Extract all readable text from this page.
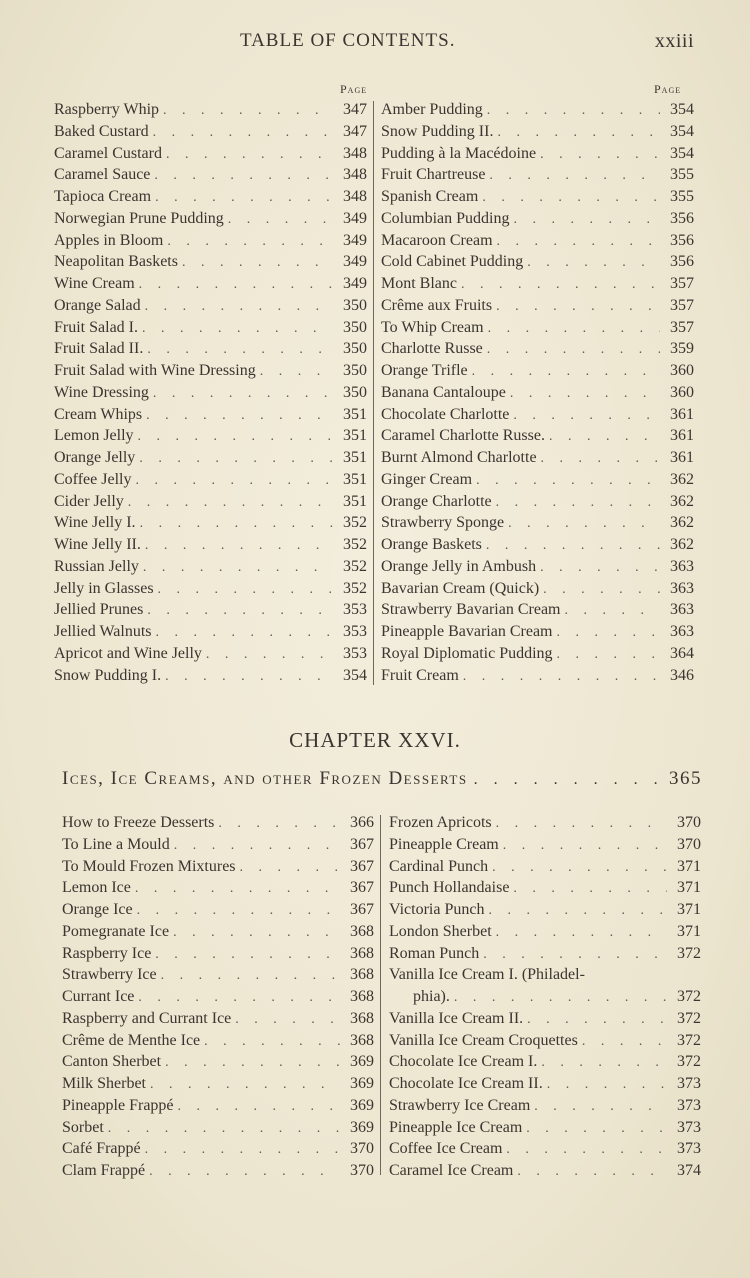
TABLE OF CONTENTS.	xxiii
Page	Page
Raspberry Whip . . .	347
Baked Custard . . .	347
Caramel Custard . . .	348
Caramel Sauce . . .	348
Tapioca Cream . . .	348
Norwegian Prune Pudding . . .	349
Apples in Bloom . . .	349
Neapolitan Baskets . . .	349
Wine Cream . . .	349
Orange Salad . . .	350
Fruit Salad I. . . .	350
Fruit Salad II. . . .	350
Fruit Salad with Wine Dressing . . .	350
Wine Dressing . . .	350
Cream Whips . . .	351
Lemon Jelly . . .	351
Orange Jelly . . .	351
Coffee Jelly . . .	351
Cider Jelly . . .	351
Wine Jelly I. . . .	352
Wine Jelly II. . . .	352
Russian Jelly . . .	352
Jelly in Glasses . . .	352
Jellied Prunes . . .	353
Jellied Walnuts . . .	353
Apricot and Wine Jelly . . .	353
Snow Pudding I. . . .	354
Amber Pudding . . .	354
Snow Pudding II. . . .	354
Pudding à la Macédoine . . .	354
Fruit Chartreuse . . .	355
Spanish Cream . . .	355
Columbian Pudding . . .	356
Macaroon Cream . . .	356
Cold Cabinet Pudding . . .	356
Mont Blanc . . .	357
Crême aux Fruits . . .	357
To Whip Cream . . .	357
Charlotte Russe . . .	359
Orange Trifle . . .	360
Banana Cantaloupe . . .	360
Chocolate Charlotte . . .	361
Caramel Charlotte Russe. . . .	361
Burnt Almond Charlotte . . .	361
Ginger Cream . . .	362
Orange Charlotte . . .	362
Strawberry Sponge . . .	362
Orange Baskets . . .	362
Orange Jelly in Ambush . . .	363
Bavarian Cream (Quick) . . .	363
Strawberry Bavarian Cream . . .	363
Pineapple Bavarian Cream . . .	363
Royal Diplomatic Pudding . . .	364
Fruit Cream . . .	346
CHAPTER XXVI.
Ices, Ice Creams, and other Frozen Desserts . . .	365
How to Freeze Desserts . . .	366
To Line a Mould . . .	367
To Mould Frozen Mixtures . . .	367
Lemon Ice . . .	367
Orange Ice . . .	367
Pomegranate Ice . . .	368
Raspberry Ice . . .	368
Strawberry Ice . . .	368
Currant Ice . . .	368
Raspberry and Currant Ice . . .	368
Crême de Menthe Ice . . .	368
Canton Sherbet . . .	369
Milk Sherbet . . .	369
Pineapple Frappé . . .	369
Sorbet . . .	369
Café Frappé . . .	370
Clam Frappé . . .	370
Frozen Apricots . . .	370
Pineapple Cream . . .	370
Cardinal Punch . . .	371
Punch Hollandaise . . .	371
Victoria Punch . . .	371
London Sherbet . . .	371
Roman Punch . . .	372
Vanilla Ice Cream I. (Philadel-
phia). . . .	372
Vanilla Ice Cream II. . . .	372
Vanilla Ice Cream Croquettes . . .	372
Chocolate Ice Cream I. . . .	372
Chocolate Ice Cream II. . . .	373
Strawberry Ice Cream . . .	373
Pineapple Ice Cream . . .	373
Coffee Ice Cream . . .	373
Caramel Ice Cream . . .	374
